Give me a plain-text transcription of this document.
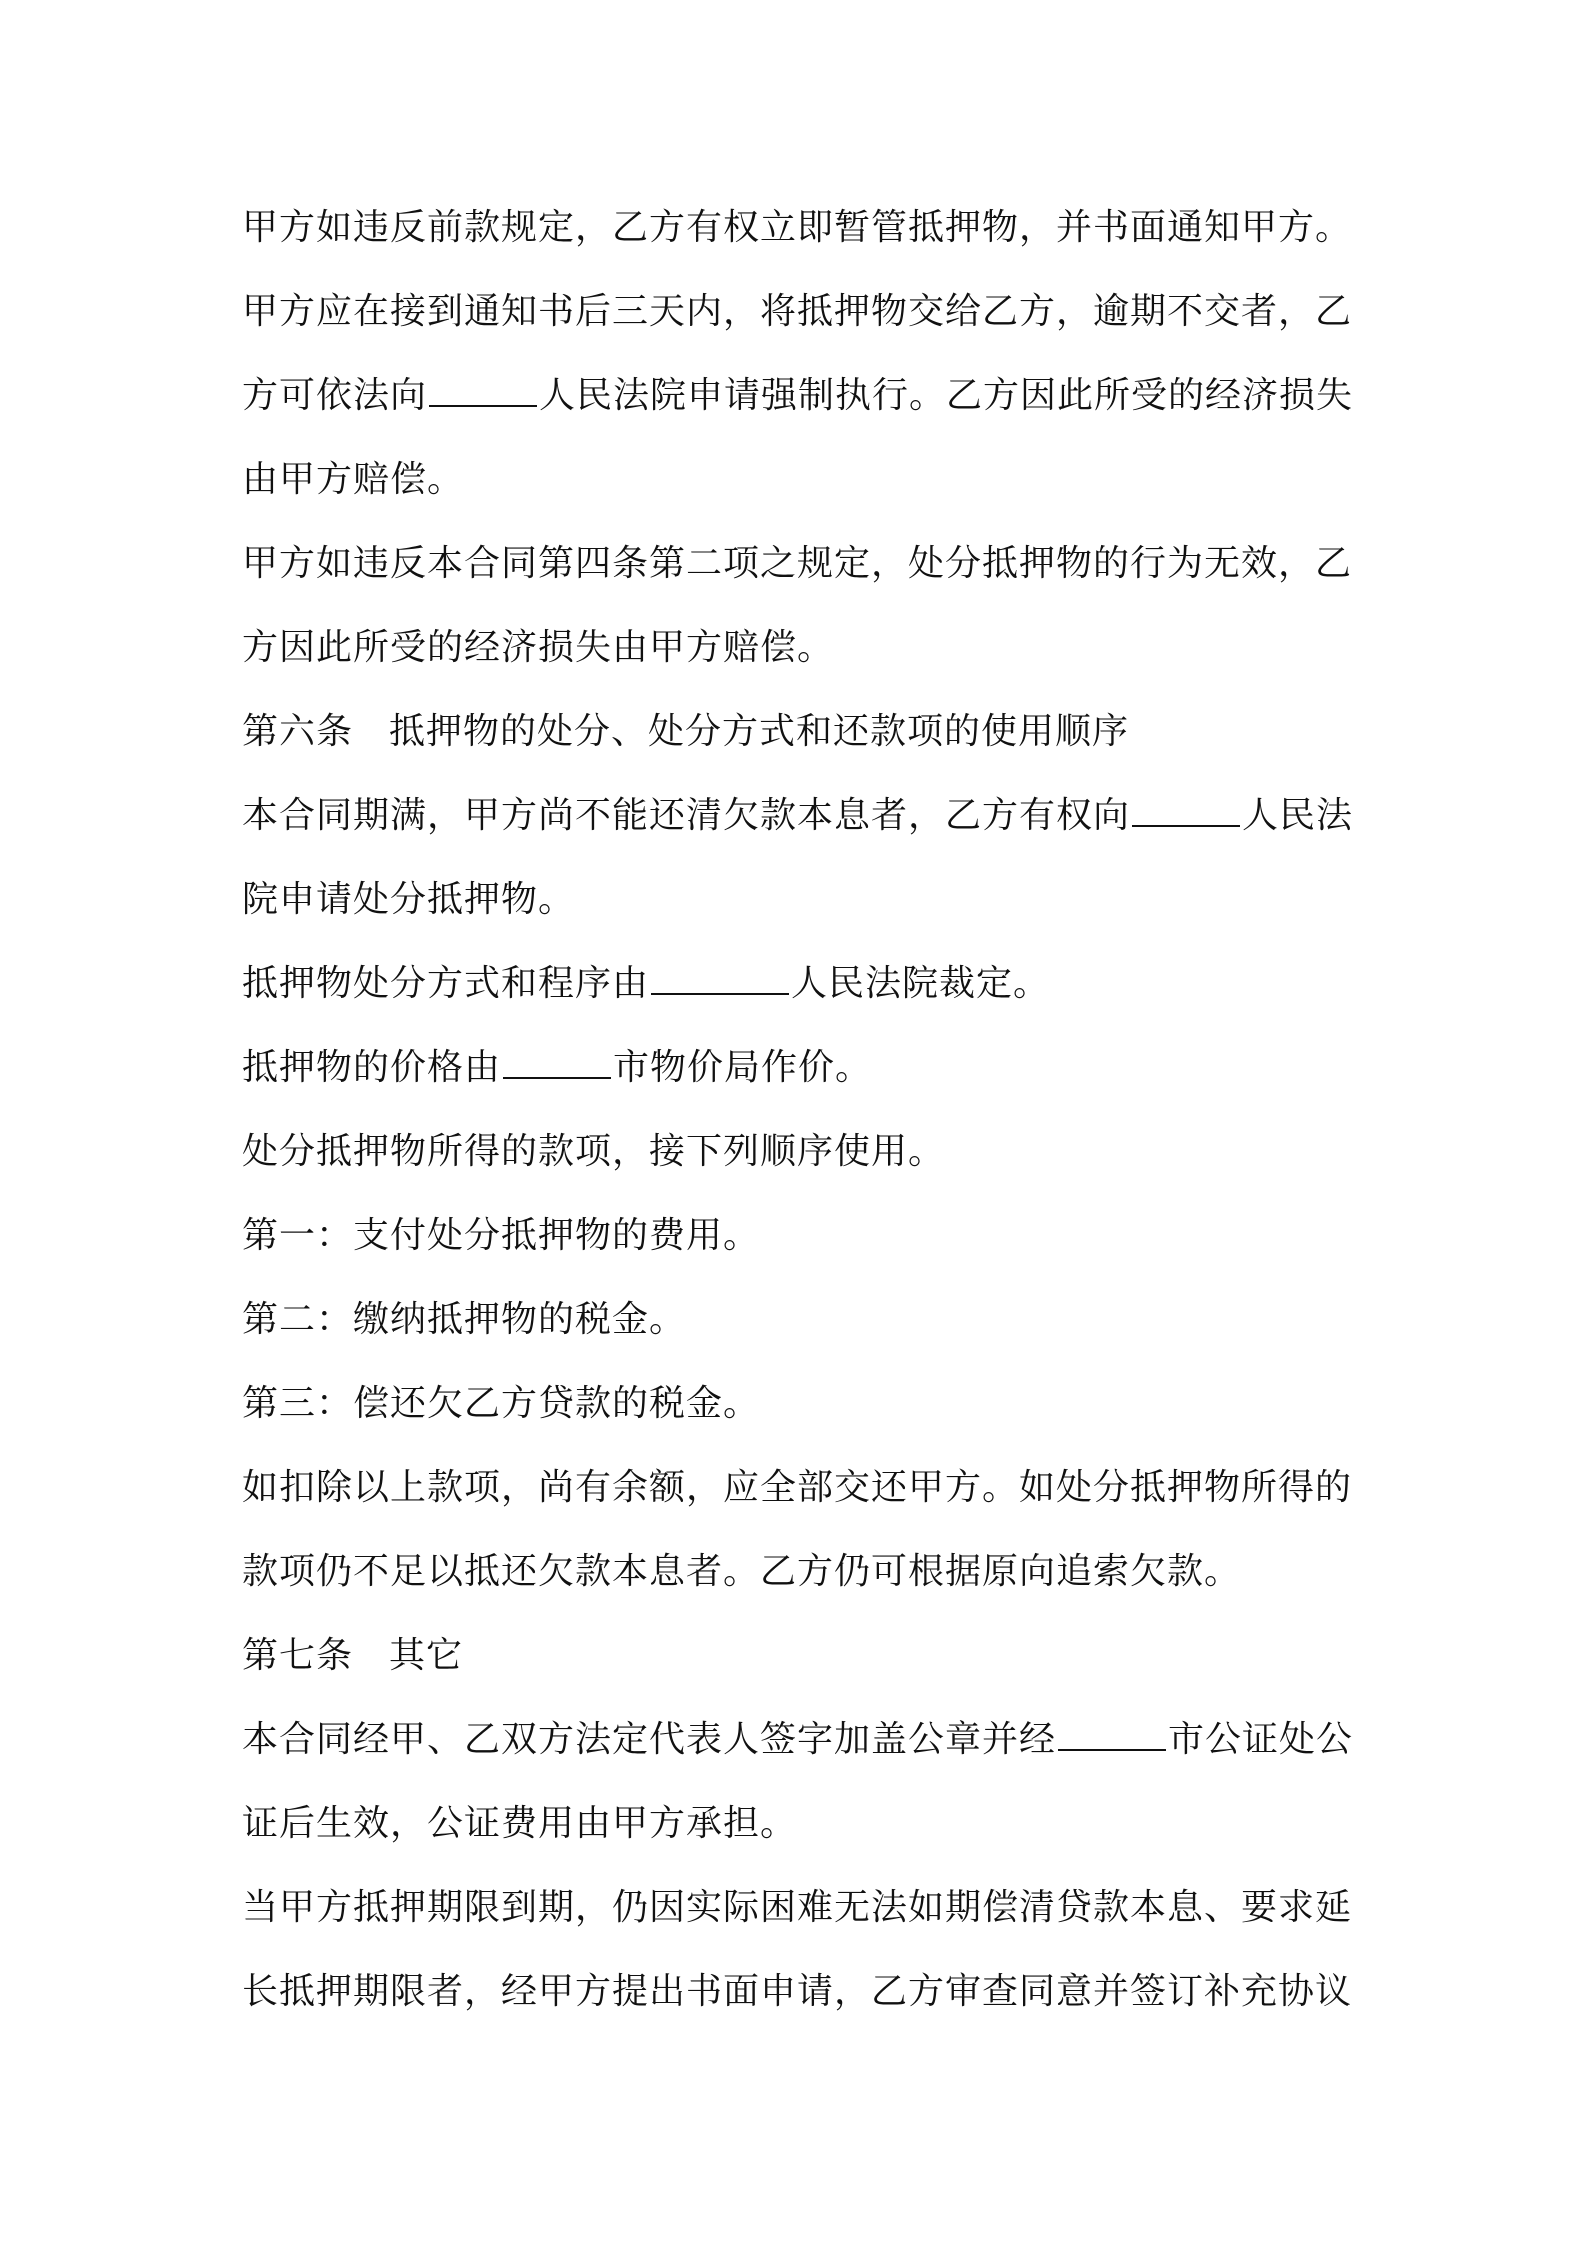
甲方如违反前款规定，乙方有权立即暂管抵押物，并书面通知甲方。
甲方应在接到通知书后三天内，将抵押物交给乙方，逾期不交者，乙
方可依法向	人民法院申请强制执行。乙方因此所受的经济损失
由甲方赔偿。
甲方如违反本合同第四条第二项之规定，处分抵押物的行为无效，乙
方因此所受的经济损失由甲方赔偿。
第六条 抵押物的处分、处分方式和还款项的使用顺序
本合同期满，甲方尚不能还清欠款本息者，乙方有权向	人民法
院申请处分抵押物。
抵押物处分方式和程序由	人民法院裁定。
抵押物的价格由	市物价局作价。
处分抵押物所得的款项，接下列顺序使用。
第一：支付处分抵押物的费用。
第二：缴纳抵押物的税金。
第三：偿还欠乙方贷款的税金。
如扣除以上款项，尚有余额，应全部交还甲方。如处分抵押物所得的
款项仍不足以抵还欠款本息者。乙方仍可根据原向追索欠款。
第七条 其它
本合同经甲、乙双方法定代表人签字加盖公章并经	市公证处公
证后生效，公证费用由甲方承担。
当甲方抵押期限到期，仍因实际困难无法如期偿清贷款本息、要求延
长抵押期限者，经甲方提出书面申请，乙方审查同意并签订补充协议
